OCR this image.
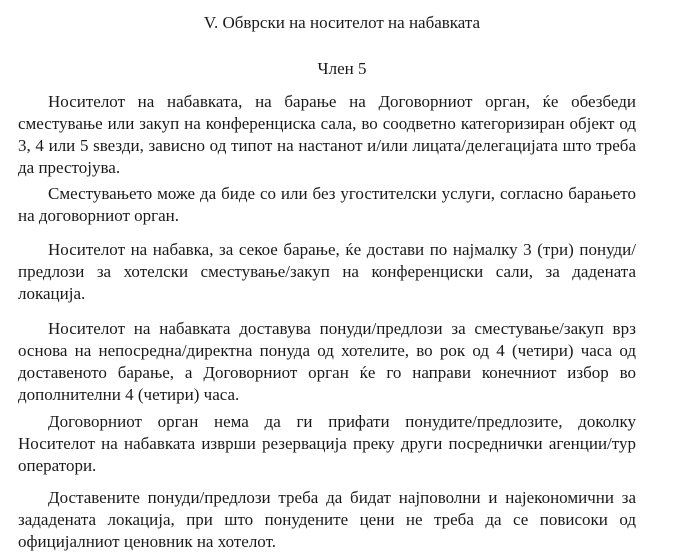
V. Обврски на носителот на набавката
Член 5

Носителот на набавката, на барање на Договорниот орган, ќе обезбеди сместување или закуп на конференциска сала, во соодветно категоризиран објект од 3, 4 или 5 ѕвезди, зависно од типот на настанот и/или лицата/делегацијата што треба да престојува.

Сместувањето може да биде со или без угостителски услуги, согласно барањето на договорниот орган.

Носителот на набавка, за секое барање, ќе достави по најмалку 3 (три) понуди/предлози за хотелски сместување/закуп на конференциски сали, за дадената локација.

Носителот на набавката доставува понуди/предлози за сместување/закуп врз основа на непосредна/директна понуда од хотелите, во рок од 4 (четири) часа од доставеното барање, а Договорниот орган ќе го направи конечниот избор во дополнителни 4 (четири) часа.

Договорниот орган нема да ги прифати понудите/предлозите, доколку Носителот на набавката изврши резервација преку други посреднички агенции/тур оператори.

Доставените понуди/предлози треба да бидат најповолни и најекономични за зададената локација, при што понудените цени не треба да се повисоки од официјалниот ценовник на хотелот.
